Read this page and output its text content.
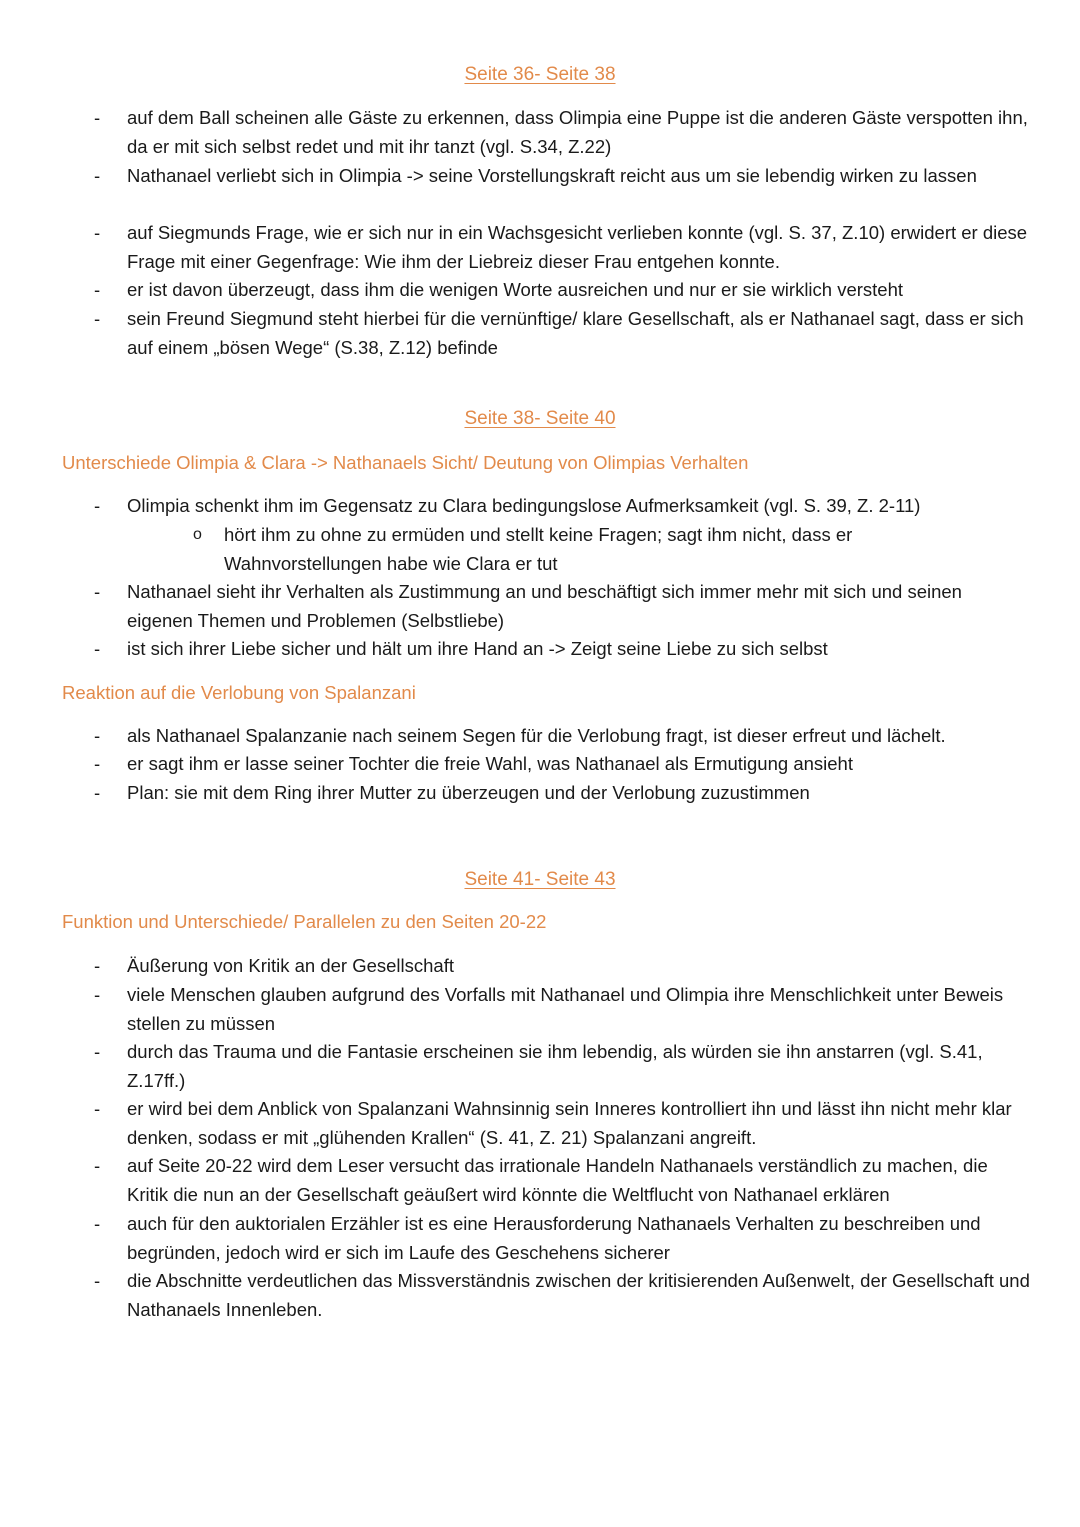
Seite 36- Seite 38
- auf dem Ball scheinen alle Gäste zu erkennen, dass Olimpia eine Puppe ist die anderen Gäste verspotten ihn, da er mit sich selbst redet und mit ihr tanzt (vgl. S.34, Z.22)
- Nathanael verliebt sich in Olimpia -> seine Vorstellungskraft reicht aus um sie lebendig wirken zu lassen
- auf Siegmunds Frage, wie er sich nur in ein Wachsgesicht verlieben konnte (vgl. S. 37, Z.10) erwidert er diese Frage mit einer Gegenfrage: Wie ihm der Liebreiz dieser Frau entgehen konnte.
- er ist davon überzeugt, dass ihm die wenigen Worte ausreichen und nur er sie wirklich versteht
- sein Freund Siegmund steht hierbei für die vernünftige/ klare Gesellschaft, als er Nathanael sagt, dass er sich auf einem „bösen Wege“ (S.38, Z.12) befinde
Seite 38- Seite 40
Unterschiede Olimpia & Clara -> Nathanaels Sicht/ Deutung von Olimpias Verhalten
- Olimpia schenkt ihm im Gegensatz zu Clara bedingungslose Aufmerksamkeit (vgl. S. 39, Z. 2-11)
o hört ihm zu ohne zu ermüden und stellt keine Fragen; sagt ihm nicht, dass er Wahnvorstellungen habe wie Clara er tut
- Nathanael sieht ihr Verhalten als Zustimmung an und beschäftigt sich immer mehr mit sich und seinen eigenen Themen und Problemen (Selbstliebe)
- ist sich ihrer Liebe sicher und hält um ihre Hand an -> Zeigt seine Liebe zu sich selbst
Reaktion auf die Verlobung von Spalanzani
- als Nathanael Spalanzanie nach seinem Segen für die Verlobung fragt, ist dieser erfreut und lächelt.
- er sagt ihm er lasse seiner Tochter die freie Wahl, was Nathanael als Ermutigung ansieht
- Plan: sie mit dem Ring ihrer Mutter zu überzeugen und der Verlobung zuzustimmen
Seite 41- Seite 43
Funktion und Unterschiede/ Parallelen zu den Seiten 20-22
- Äußerung von Kritik an der Gesellschaft
- viele Menschen glauben aufgrund des Vorfalls mit Nathanael und Olimpia ihre Menschlichkeit unter Beweis stellen zu müssen
- durch das Trauma und die Fantasie erscheinen sie ihm lebendig, als würden sie ihn anstarren (vgl. S.41, Z.17ff.)
- er wird bei dem Anblick von Spalanzani Wahnsinnig sein Inneres kontrolliert ihn und lässt ihn nicht mehr klar denken, sodass er mit „glühenden Krallen“ (S. 41, Z. 21) Spalanzani angreift.
- auf Seite 20-22 wird dem Leser versucht das irrationale Handeln Nathanaels verständlich zu machen, die Kritik die nun an der Gesellschaft geäußert wird könnte die Weltflucht von Nathanael erklären
- auch für den auktorialen Erzähler ist es eine Herausforderung Nathanaels Verhalten zu beschreiben und begründen, jedoch wird er sich im Laufe des Geschehens sicherer
- die Abschnitte verdeutlichen das Missverständnis zwischen der kritisierenden Außenwelt, der Gesellschaft und Nathanaels Innenleben.
